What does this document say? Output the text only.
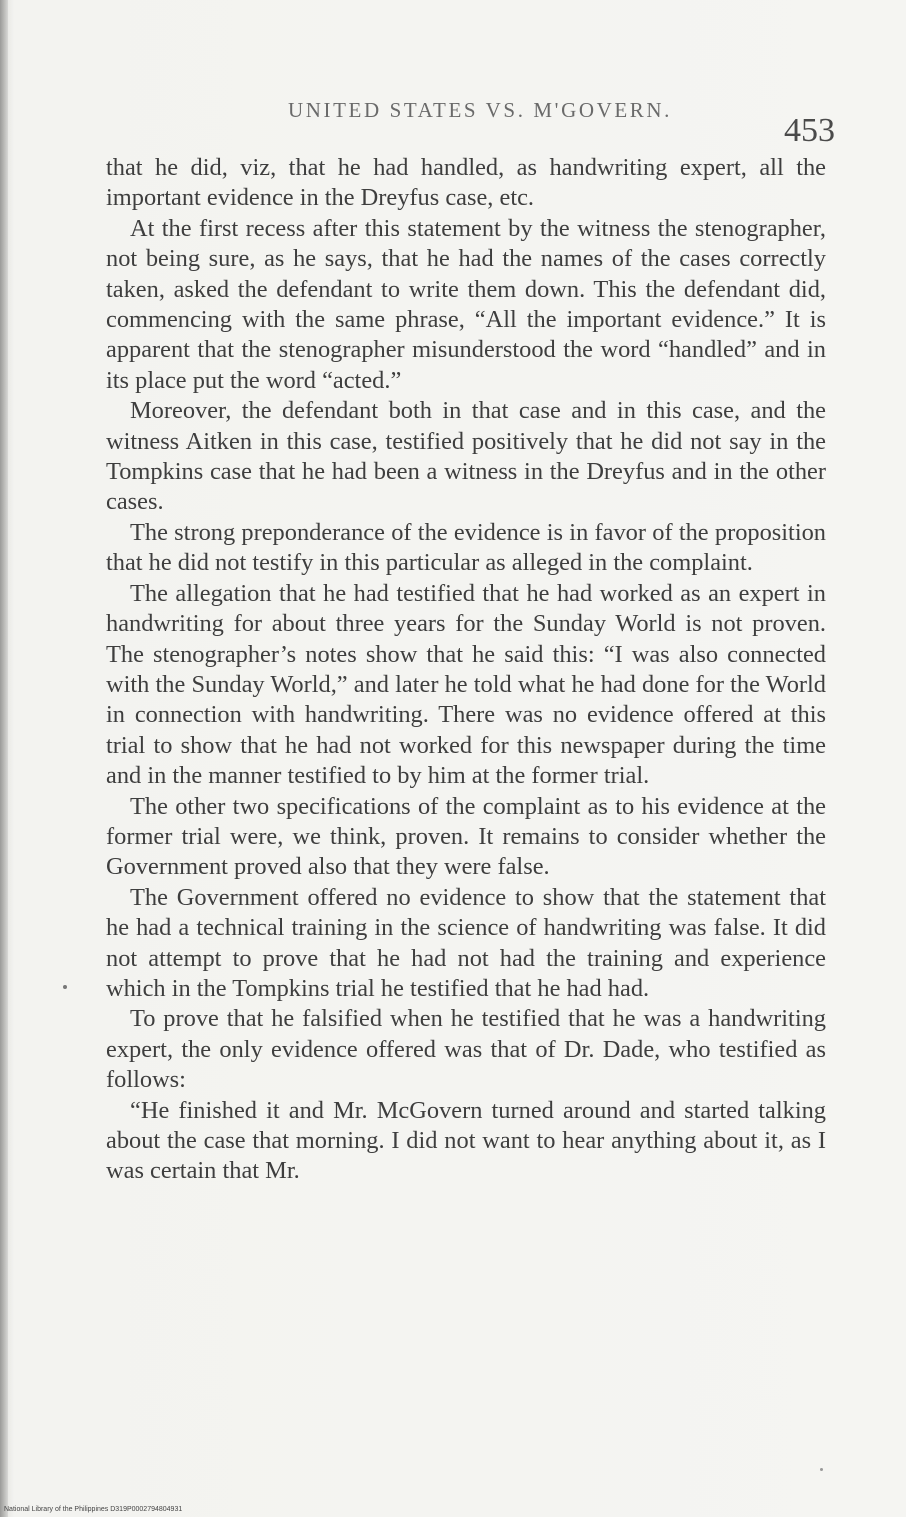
UNITED STATES VS. M'GOVERN.
453

that he did, viz, that he had handled, as handwriting expert, all the important evidence in the Dreyfus case, etc.

At the first recess after this statement by the witness the stenographer, not being sure, as he says, that he had the names of the cases correctly taken, asked the defendant to write them down. This the defendant did, commencing with the same phrase, “All the important evidence.” It is apparent that the stenographer misunderstood the word “handled” and in its place put the word “acted.”

Moreover, the defendant both in that case and in this case, and the witness Aitken in this case, testified positively that he did not say in the Tompkins case that he had been a witness in the Dreyfus and in the other cases.

The strong preponderance of the evidence is in favor of the proposition that he did not testify in this particular as alleged in the complaint.

The allegation that he had testified that he had worked as an expert in handwriting for about three years for the Sunday World is not proven. The stenographer’s notes show that he said this: “I was also connected with the Sunday World,” and later he told what he had done for the World in connection with handwriting. There was no evidence offered at this trial to show that he had not worked for this newspaper during the time and in the manner testified to by him at the former trial.

The other two specifications of the complaint as to his evidence at the former trial were, we think, proven. It remains to consider whether the Government proved also that they were false.

The Government offered no evidence to show that the statement that he had a technical training in the science of handwriting was false. It did not attempt to prove that he had not had the training and experience which in the Tompkins trial he testified that he had had.

To prove that he falsified when he testified that he was a handwriting expert, the only evidence offered was that of Dr. Dade, who testified as follows:

“He finished it and Mr. McGovern turned around and started talking about the case that morning. I did not want to hear anything about it, as I was certain that Mr.

National Library of the Philippines D319P0002794804931
